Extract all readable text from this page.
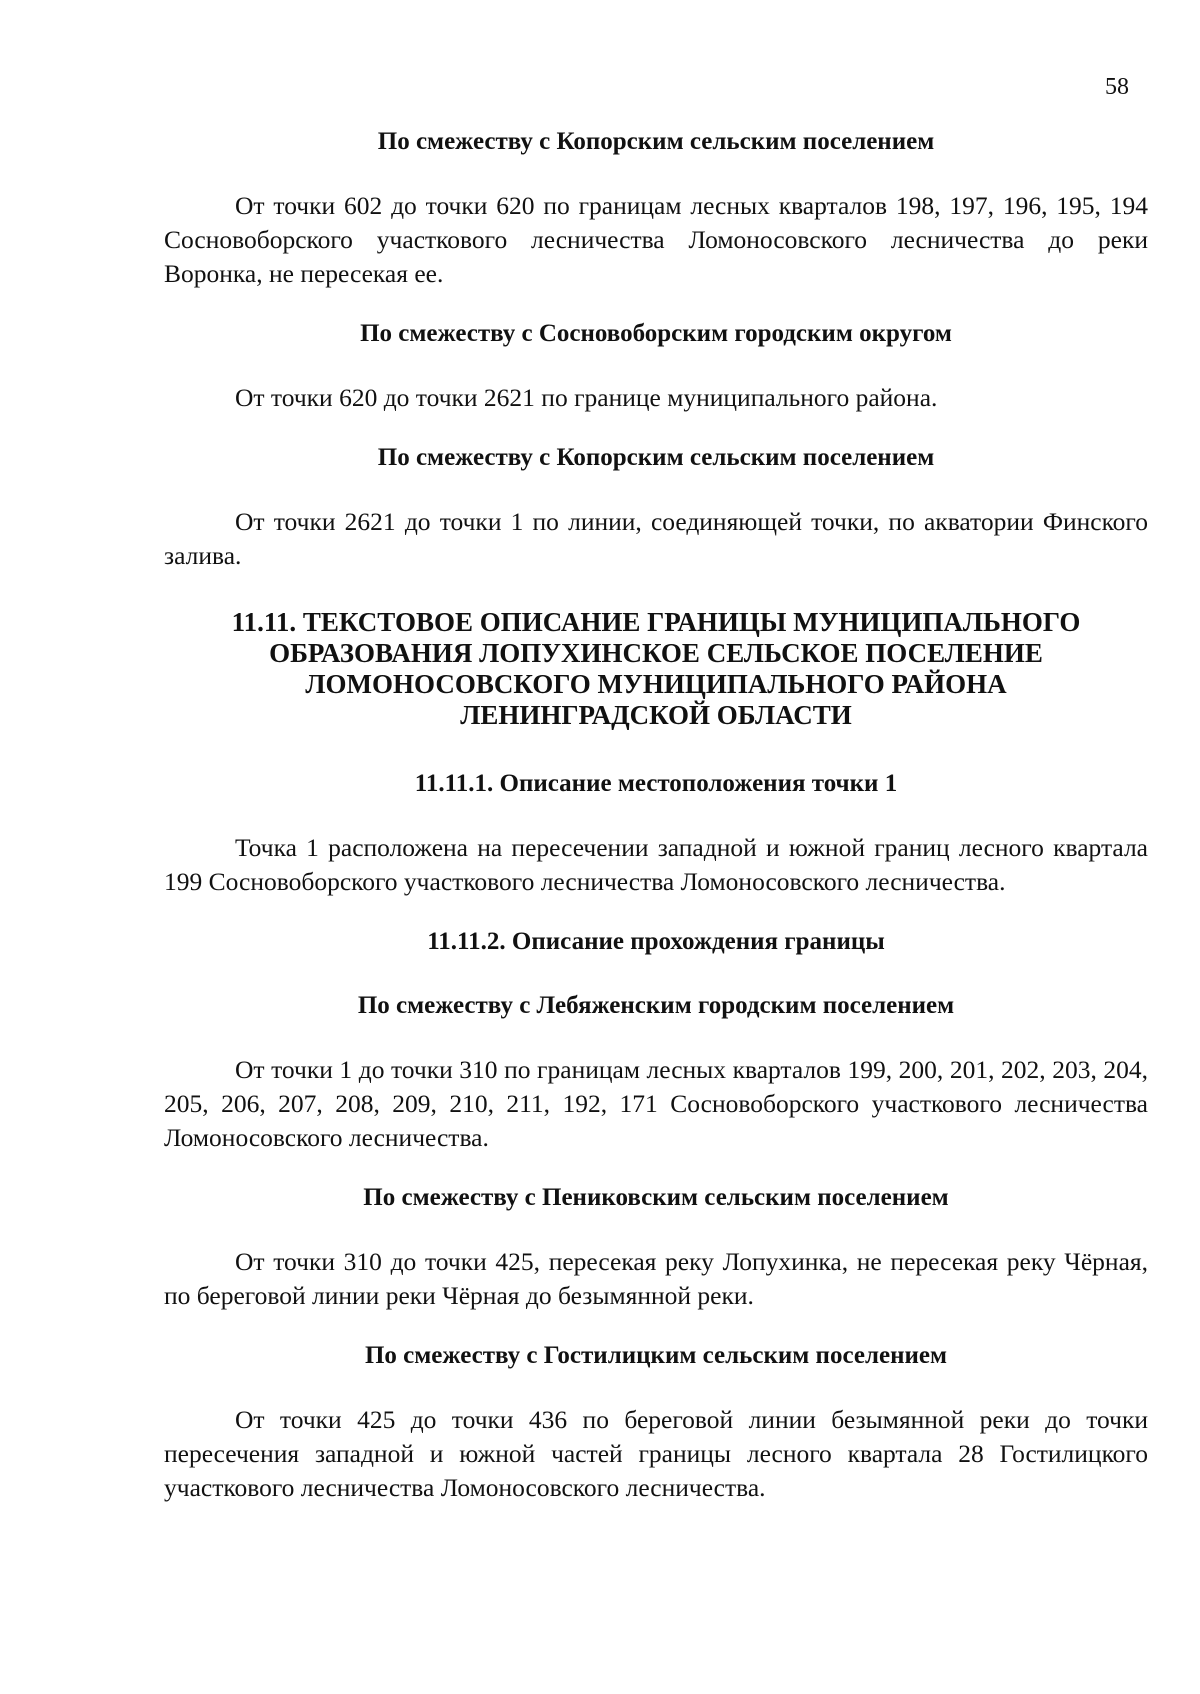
58

По смежеству с Копорским сельским поселением

От точки 602 до точки 620 по границам лесных кварталов 198, 197, 196, 195, 194 Сосновоборского участкового лесничества Ломоносовского лесничества до реки Воронка, не пересекая ее.

По смежеству с Сосновоборским городским округом

От точки 620 до точки 2621 по границе муниципального района.

По смежеству с Копорским сельским поселением

От точки 2621 до точки 1 по линии, соединяющей точки, по акватории Финского залива.

11.11. ТЕКСТОВОЕ ОПИСАНИЕ ГРАНИЦЫ МУНИЦИПАЛЬНОГО

ОБРАЗОВАНИЯ ЛОПУХИНСКОЕ СЕЛЬСКОЕ ПОСЕЛЕНИЕ

ЛОМОНОСОВСКОГО МУНИЦИПАЛЬНОГО РАЙОНА

ЛЕНИНГРАДСКОЙ ОБЛАСТИ

11.11.1. Описание местоположения точки 1

Точка 1 расположена на пересечении западной и южной границ лесного квартала 199 Сосновоборского участкового лесничества Ломоносовского лесничества.

11.11.2. Описание прохождения границы

По смежеству с Лебяженским городским поселением

От точки 1 до точки 310 по границам лесных кварталов 199, 200, 201, 202, 203, 204, 205, 206, 207, 208, 209, 210, 211, 192, 171 Сосновоборского участкового лесничества Ломоносовского лесничества.

По смежеству с Пениковским сельским поселением

От точки 310 до точки 425, пересекая реку Лопухинка, не пересекая реку Чёрная, по береговой линии реки Чёрная до безымянной реки.

По смежеству с Гостилицким сельским поселением

От точки 425 до точки 436 по береговой линии безымянной реки до точки пересечения западной и южной частей границы лесного квартала 28 Гостилицкого участкового лесничества Ломоносовского лесничества.
